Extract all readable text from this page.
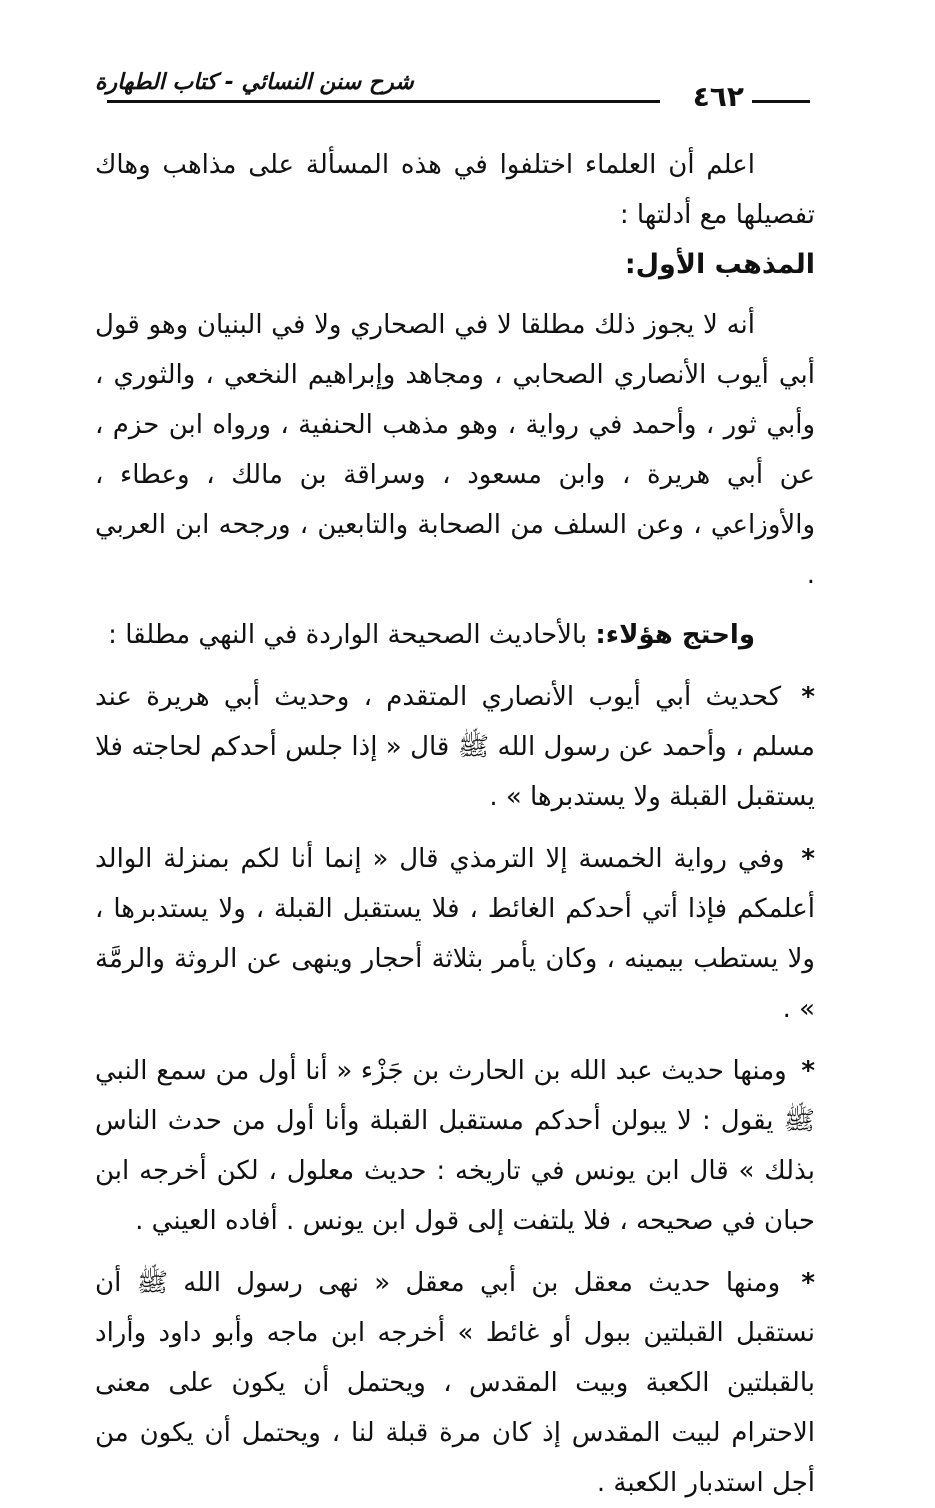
٤٦٢
شرح سنن النسائي - كتاب الطهارة

اعلم أن العلماء اختلفوا في هذه المسألة على مذاهب وهاك تفصيلها مع أدلتها :

المذهب الأول:

أنه لا يجوز ذلك مطلقا لا في الصحاري ولا في البنيان وهو قول أبي أيوب الأنصاري الصحابي ، ومجاهد وإبراهيم النخعي ، والثوري ، وأبي ثور ، وأحمد في رواية ، وهو مذهب الحنفية ، ورواه ابن حزم ، عن أبي هريرة ، وابن مسعود ، وسراقة بن مالك ، وعطاء ، والأوزاعي ، وعن السلف من الصحابة والتابعين ، ورجحه ابن العربي .

واحتج هؤلاء: بالأحاديث الصحيحة الواردة في النهي مطلقا :

* كحديث أبي أيوب الأنصاري المتقدم ، وحديث أبي هريرة عند مسلم ، وأحمد عن رسول الله ﷺ قال « إذا جلس أحدكم لحاجته فلا يستقبل القبلة ولا يستدبرها » .

* وفي رواية الخمسة إلا الترمذي قال « إنما أنا لكم بمنزلة الوالد أعلمكم فإذا أتي أحدكم الغائط ، فلا يستقبل القبلة ، ولا يستدبرها ، ولا يستطب بيمينه ، وكان يأمر بثلاثة أحجار وينهى عن الروثة والرمَّة » .

* ومنها حديث عبد الله بن الحارث بن جَزْء « أنا أول من سمع النبي ﷺ يقول : لا يبولن أحدكم مستقبل القبلة وأنا أول من حدث الناس بذلك » قال ابن يونس في تاريخه : حديث معلول ، لكن أخرجه ابن حبان في صحيحه ، فلا يلتفت إلى قول ابن يونس . أفاده العيني .

* ومنها حديث معقل بن أبي معقل « نهى رسول الله ﷺ أن نستقبل القبلتين ببول أو غائط » أخرجه ابن ماجه وأبو داود وأراد بالقبلتين الكعبة وبيت المقدس ، ويحتمل أن يكون على معنى الاحترام لبيت المقدس إذ كان مرة قبلة لنا ، ويحتمل أن يكون من أجل استدبار الكعبة .
